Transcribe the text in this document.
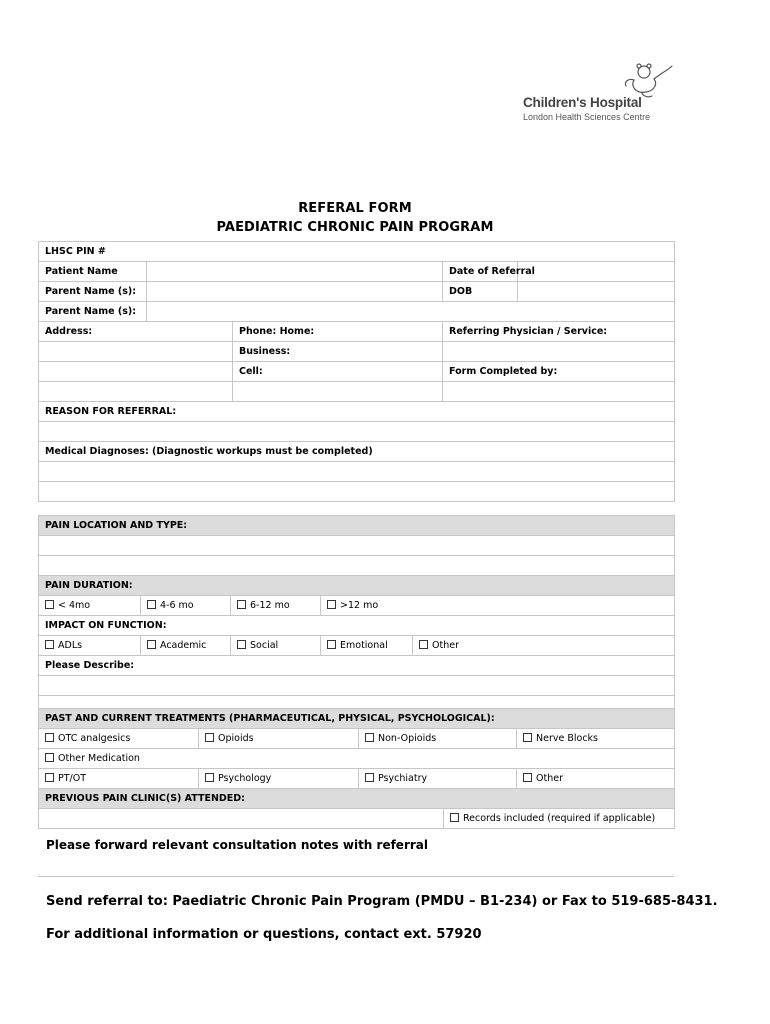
Children's Hospital
London Health Sciences Centre
REFERAL FORM
PAEDIATRIC CHRONIC PAIN PROGRAM
LHSC PIN #				
Patient Name			Date of Referral	
Parent Name (s):			DOB	
Parent Name (s):				
Address:		Phone: Home:	Referring Physician / Service:	
		Business:		
		Cell:	Form Completed by:	

REASON FOR REFERRAL:				

Medical Diagnoses: (Diagnostic workups must be completed)				

PAIN LOCATION AND TYPE:				

PAIN DURATION:				
< 4mo	4-6 mo	6-12 mo	>12 mo	
IMPACT ON FUNCTION:				
ADLs	Academic	Social	Emotional	Other
Please Describe:				

PAST AND CURRENT TREATMENTS (PHARMACEUTICAL, PHYSICAL, PSYCHOLOGICAL):				
OTC analgesics	Opioids	Non-Opioids		Nerve Blocks
Other Medication				
PT/OT	Psychology	Psychiatry		Other
PREVIOUS PAIN CLINIC(S) ATTENDED:				
			Records included (required if applicable)	
Please forward relevant consultation notes with referral
Send referral to: Paediatric Chronic Pain Program (PMDU – B1-234) or Fax to 519-685-8431.
For additional information or questions, contact ext. 57920
